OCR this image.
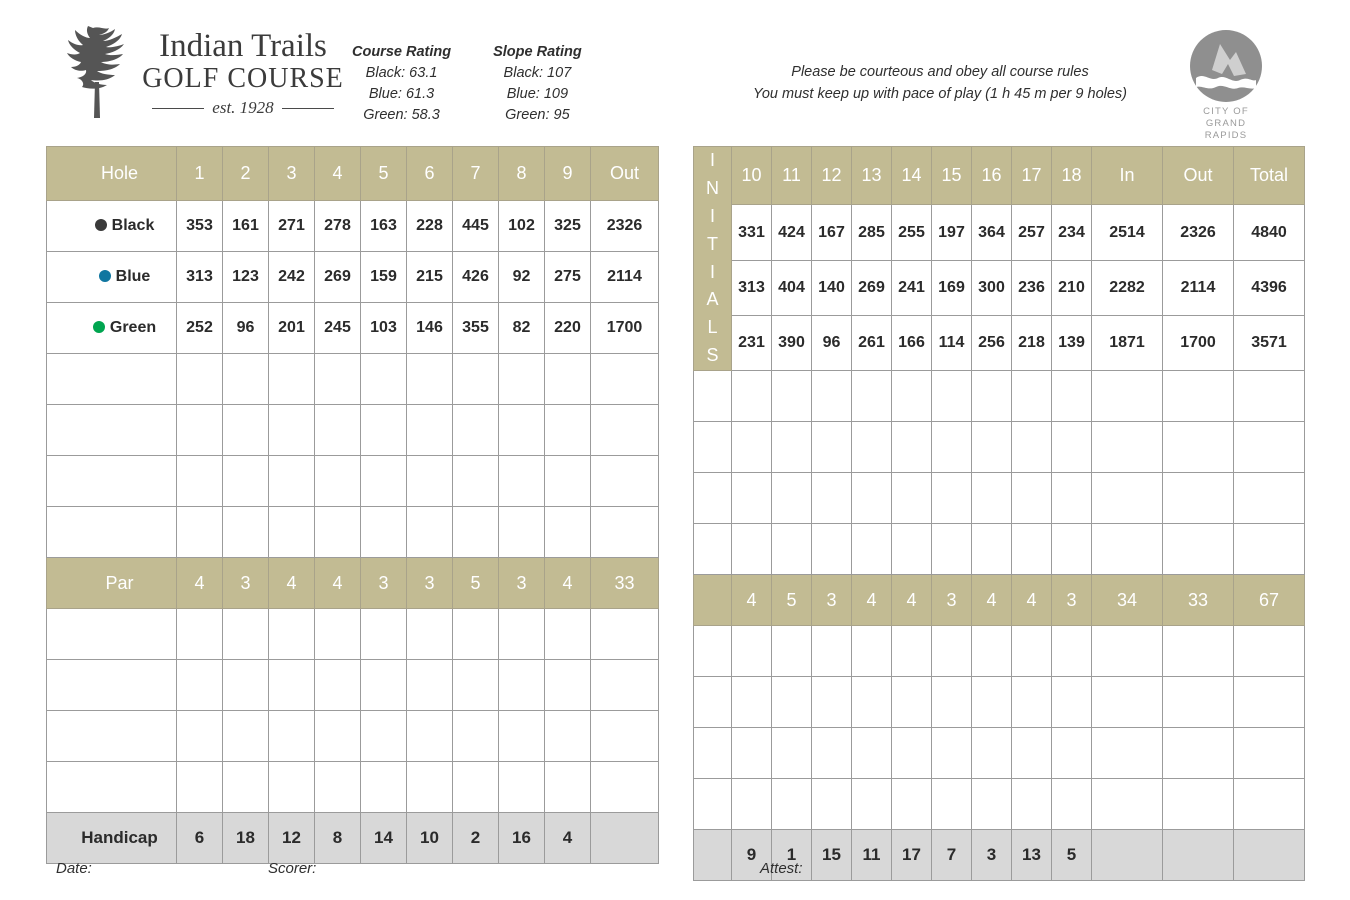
Indian Trails
GOLF COURSE
est. 1928
Course Rating
Black: 63.1
Blue: 61.3
Green: 58.3
Slope Rating
Black: 107
Blue: 109
Green: 95
Please be courteous and obey all course rules
You must keep up with pace of play (1 h 45 m per 9 holes)
CITY OF
GRAND
RAPIDS
Hole	1	2	3	4	5	6	7	8	9	Out
Black	353	161	271	278	163	228	445	102	325	2326
Blue	313	123	242	269	159	215	426	92	275	2114
Green	252	96	201	245	103	146	355	82	220	1700

Par	4	3	4	4	3	3	5	3	4	33

Handicap	6	18	12	8	14	10	2	16	4	
I
N
I
T
I
A
L
S
	10	11	12	13	14	15	16	17	18	In	Out	Total
	331	424	167	285	255	197	364	257	234	2514	2326	4840
	313	404	140	269	241	169	300	236	210	2282	2114	4396
	231	390	96	261	166	114	256	218	139	1871	1700	3571

	4	5	3	4	4	3	4	4	3	34	33	67

	9	1	15	11	17	7	3	13	5			
Date:	Scorer:	Attest:
